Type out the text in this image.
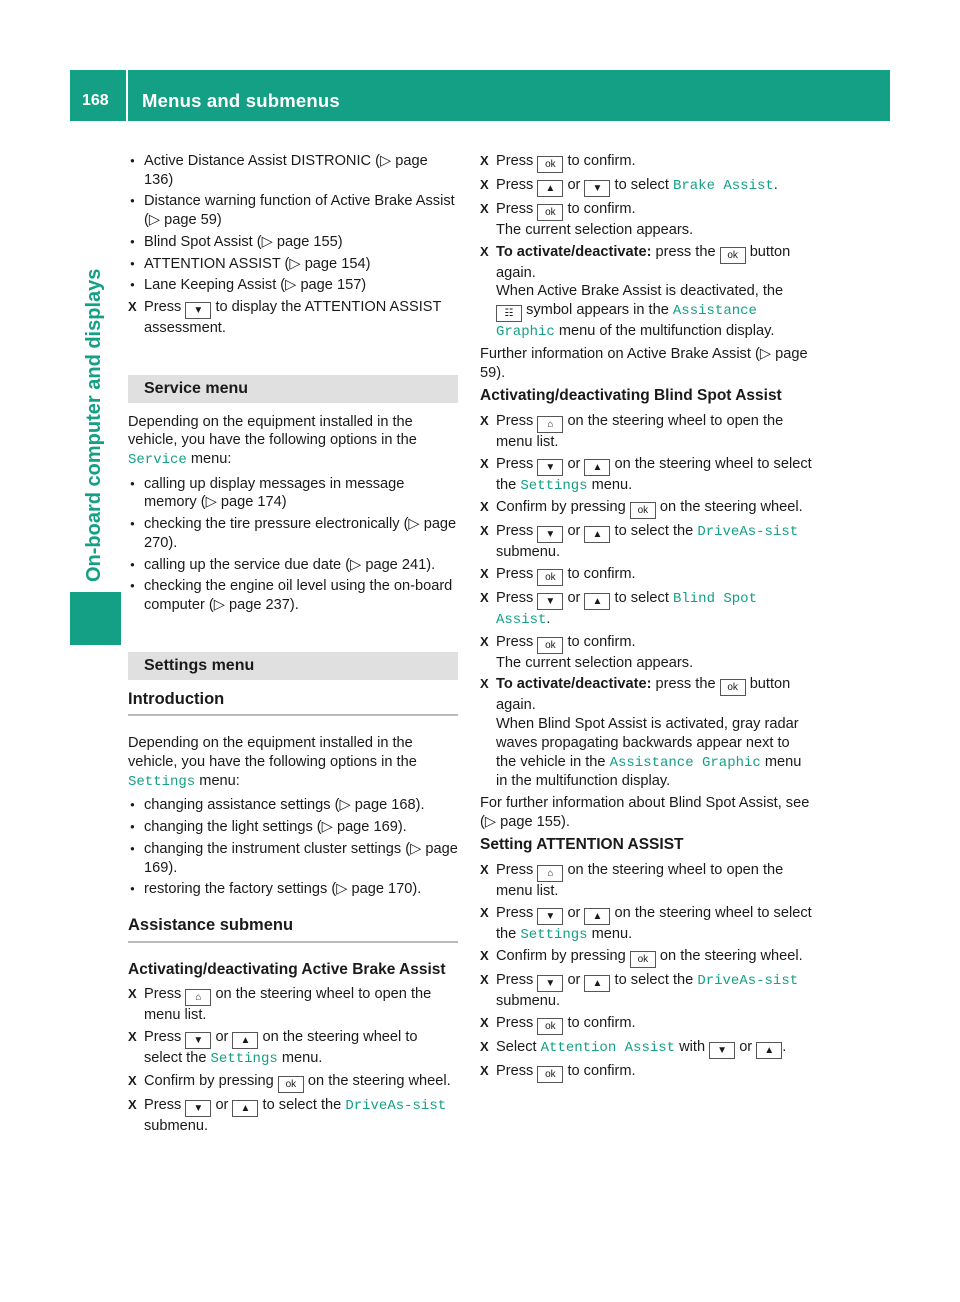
168 Menus and submenus
On-board computer and displays
● Active Distance Assist DISTRONIC (▷ page 136)
● Distance warning function of Active Brake Assist (▷ page 59)
● Blind Spot Assist (▷ page 155)
● ATTENTION ASSIST (▷ page 154)
● Lane Keeping Assist (▷ page 157)
X Press ▼ to display the ATTENTION ASSIST assessment.
Service menu

Depending on the equipment installed in the vehicle, you have the following options in the Service menu:

● calling up display messages in message memory (▷ page 174)
● checking the tire pressure electronically (▷ page 270).
● calling up the service due date (▷ page 241).
● checking the engine oil level using the on-board computer (▷ page 237).
Settings menu
Introduction

Depending on the equipment installed in the vehicle, you have the following options in the Settings menu:

● changing assistance settings (▷ page 168).
● changing the light settings (▷ page 169).
● changing the instrument cluster settings (▷ page 169).
● restoring the factory settings (▷ page 170).
Assistance submenu
Activating/deactivating Active Brake Assist
X Press ⌂ on the steering wheel to open the menu list.
X Press ▼ or ▲ on the steering wheel to select the Settings menu.
X Confirm by pressing ok on the steering wheel.
X Press ▼ or ▲ to select the DriveAs-sist submenu.
X Press ok to confirm.
X Press ▲ or ▼ to select Brake Assist.
X Press ok to confirm.
The current selection appears.
X To activate/deactivate: press the ok button again.
When Active Brake Assist is deactivated, the ☷ symbol appears in the Assistance Graphic menu of the multifunction display.

Further information on Active Brake Assist (▷ page 59).

Activating/deactivating Blind Spot Assist
X Press ⌂ on the steering wheel to open the menu list.
X Press ▼ or ▲ on the steering wheel to select the Settings menu.
X Confirm by pressing ok on the steering wheel.
X Press ▼ or ▲ to select the DriveAs-sist submenu.
X Press ok to confirm.
X Press ▼ or ▲ to select Blind Spot Assist.
X Press ok to confirm.
The current selection appears.
X To activate/deactivate: press the ok button again.
When Blind Spot Assist is activated, gray radar waves propagating backwards appear next to the vehicle in the Assistance Graphic menu in the multifunction display.

For further information about Blind Spot Assist, see (▷ page 155).

Setting ATTENTION ASSIST
X Press ⌂ on the steering wheel to open the menu list.
X Press ▼ or ▲ on the steering wheel to select the Settings menu.
X Confirm by pressing ok on the steering wheel.
X Press ▼ or ▲ to select the DriveAs-sist submenu.
X Press ok to confirm.
X Select Attention Assist with ▼ or ▲ .
X Press ok to confirm.
